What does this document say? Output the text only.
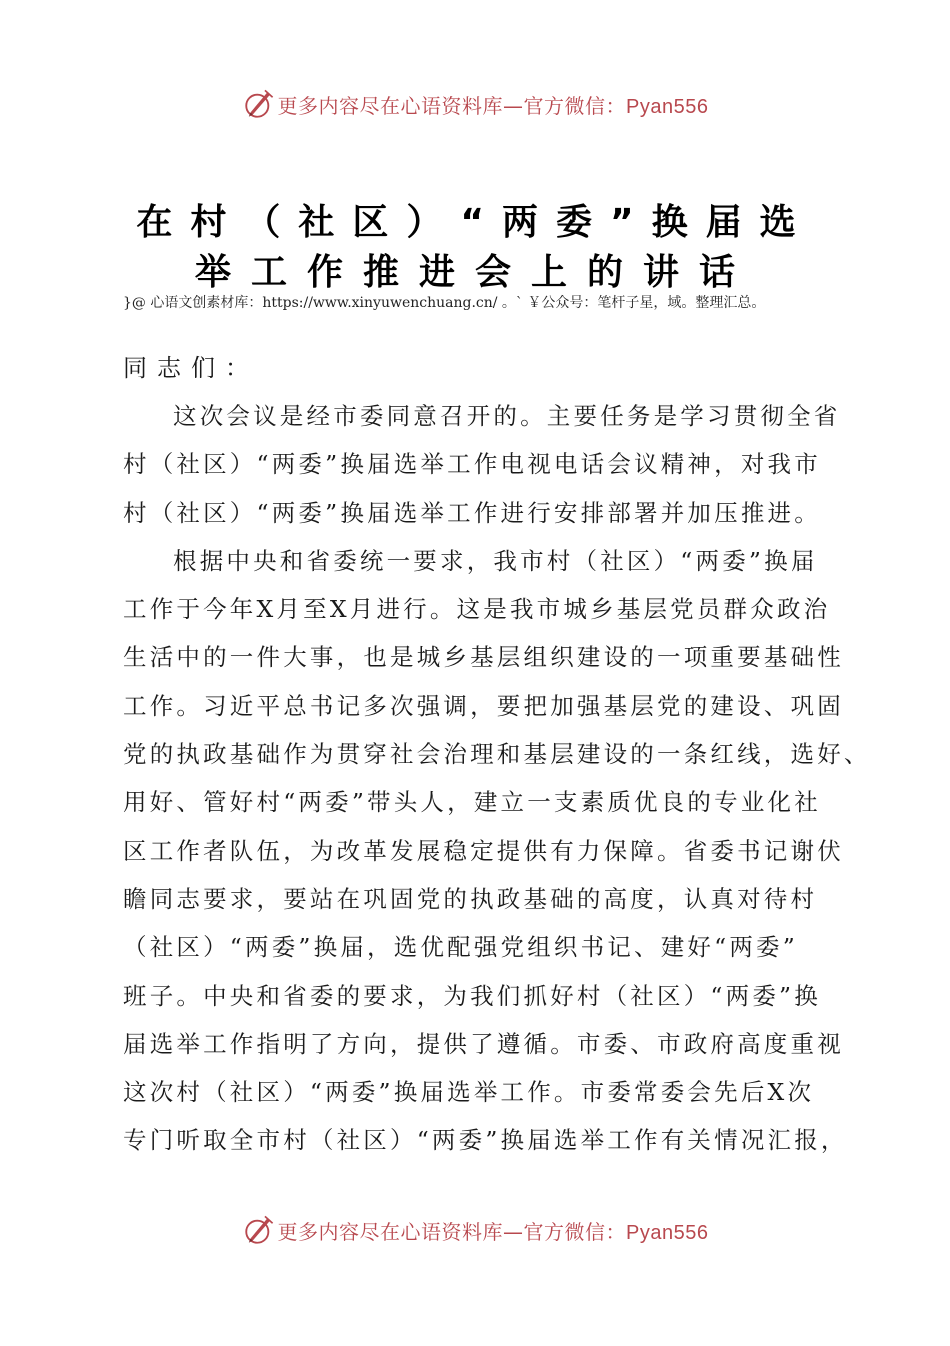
更多内容尽在心语资料库—官方微信：Pyan556
在村（社区）“两委”换届选
举工作推进会上的讲话
}@ 心语文创素材库：https://www.xinyuwenchuang.cn/ 。` ￥公众号：笔杆子星，域。整理汇总。
同志们：
这次会议是经市委同意召开的。主要任务是学习贯彻全省
村（社区）“两委”换届选举工作电视电话会议精神，对我市
村（社区）“两委”换届选举工作进行安排部署并加压推进。
根据中央和省委统一要求，我市村（社区）“两委”换届
工作于今年X月至X月进行。这是我市城乡基层党员群众政治
生活中的一件大事，也是城乡基层组织建设的一项重要基础性
工作。习近平总书记多次强调，要把加强基层党的建设、巩固
党的执政基础作为贯穿社会治理和基层建设的一条红线，选好、
用好、管好村“两委”带头人，建立一支素质优良的专业化社
区工作者队伍，为改革发展稳定提供有力保障。省委书记谢伏
瞻同志要求，要站在巩固党的执政基础的高度，认真对待村
（社区）“两委”换届，选优配强党组织书记、建好“两委”
班子。中央和省委的要求，为我们抓好村（社区）“两委”换
届选举工作指明了方向，提供了遵循。市委、市政府高度重视
这次村（社区）“两委”换届选举工作。市委常委会先后X次
专门听取全市村（社区）“两委”换届选举工作有关情况汇报，
更多内容尽在心语资料库—官方微信：Pyan556
